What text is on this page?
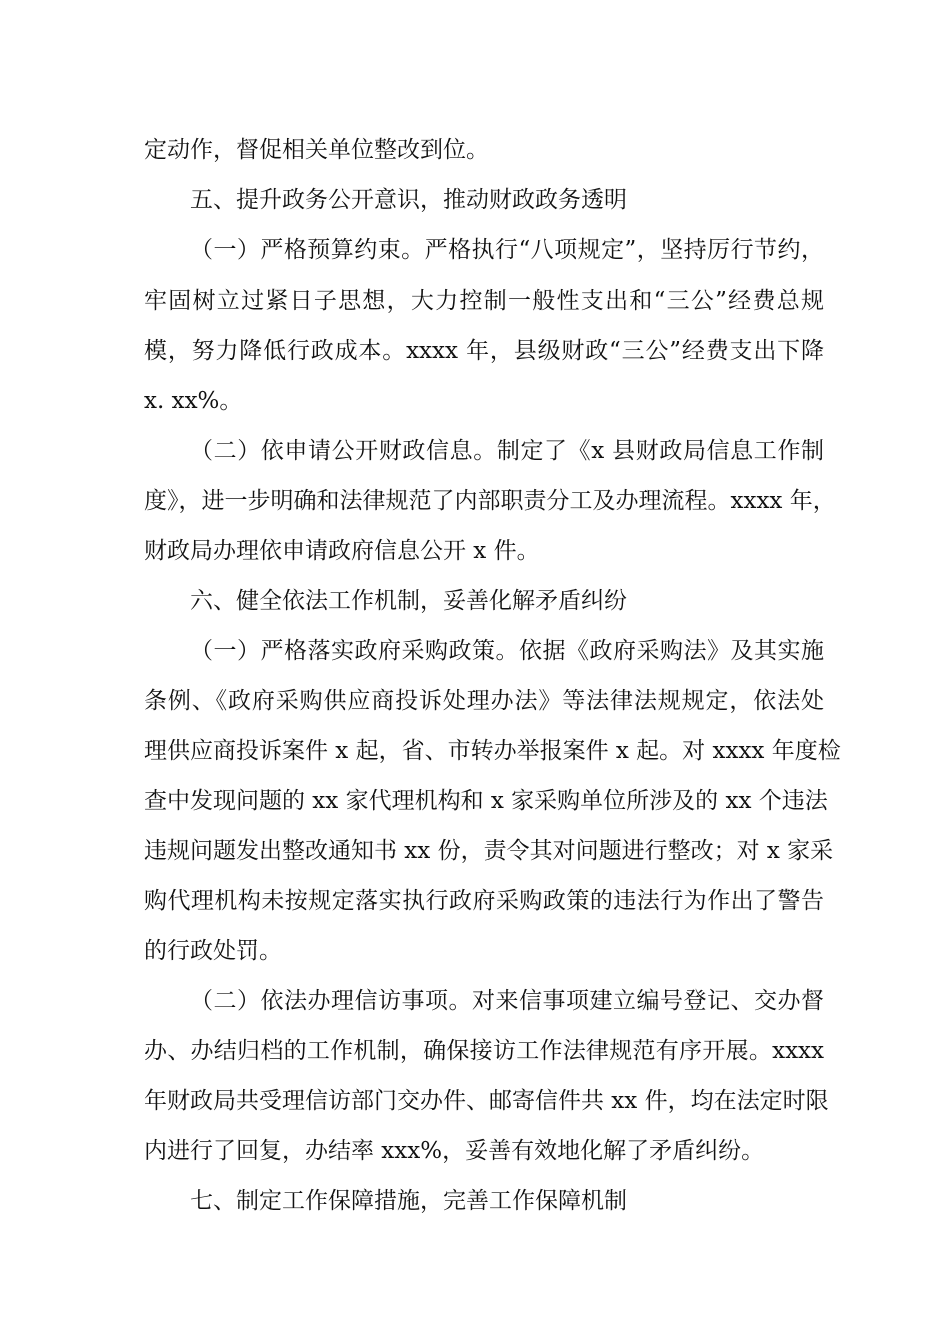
定动作，督促相关单位整改到位。
五、提升政务公开意识，推动财政政务透明
（一）严格预算约束。严格执行“八项规定”，坚持厉行节约，
牢固树立过紧日子思想，大力控制一般性支出和“三公”经费总规
模，努力降低行政成本。xxxx 年，县级财政“三公”经费支出下降
x. xx%。
（二）依申请公开财政信息。制定了《x 县财政局信息工作制
度》，进一步明确和法律规范了内部职责分工及办理流程。xxxx 年，
财政局办理依申请政府信息公开 x 件。
六、健全依法工作机制，妥善化解矛盾纠纷
（一）严格落实政府采购政策。依据《政府采购法》及其实施
条例、《政府采购供应商投诉处理办法》等法律法规规定，依法处
理供应商投诉案件 x 起，省、市转办举报案件 x 起。对 xxxx 年度检
查中发现问题的 xx 家代理机构和 x 家采购单位所涉及的 xx 个违法
违规问题发出整改通知书 xx 份，责令其对问题进行整改；对 x 家采
购代理机构未按规定落实执行政府采购政策的违法行为作出了警告
的行政处罚。
（二）依法办理信访事项。对来信事项建立编号登记、交办督
办、办结归档的工作机制，确保接访工作法律规范有序开展。xxxx
年财政局共受理信访部门交办件、邮寄信件共 xx 件，均在法定时限
内进行了回复，办结率 xxx%，妥善有效地化解了矛盾纠纷。
七、制定工作保障措施，完善工作保障机制
